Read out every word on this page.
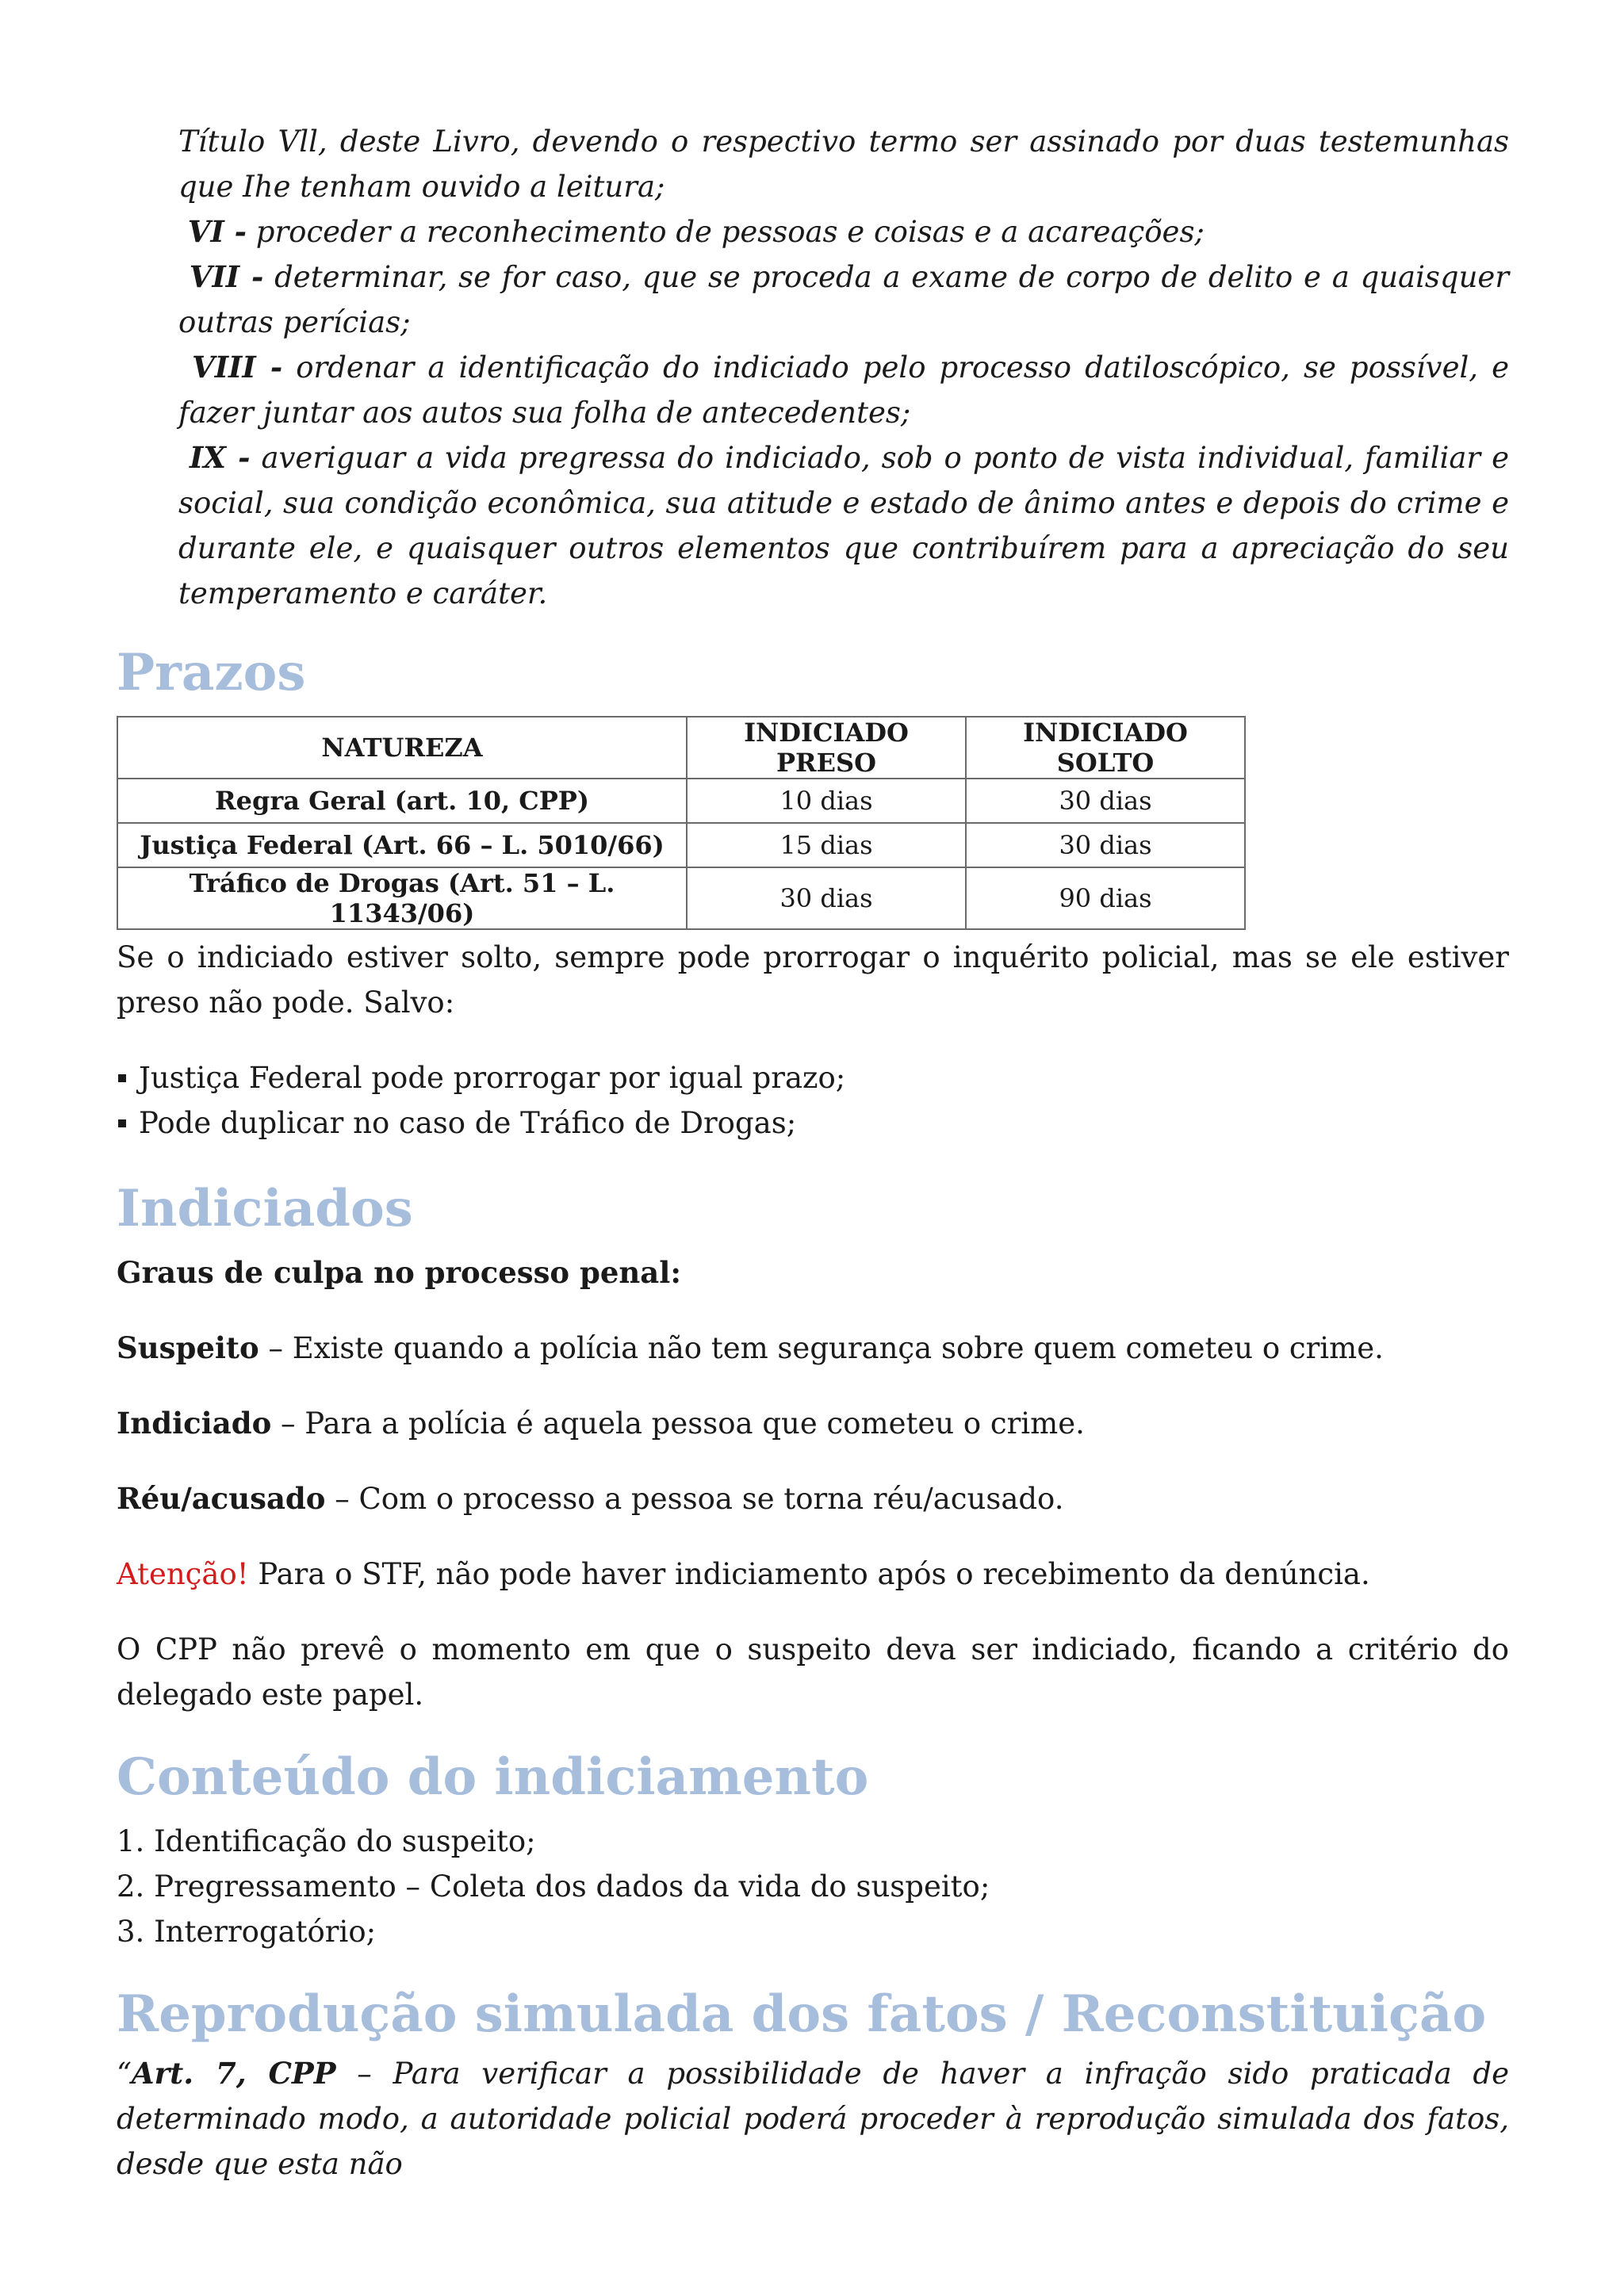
Título Vll, deste Livro, devendo o respectivo termo ser assinado por duas testemunhas que Ihe tenham ouvido a leitura;

VI - proceder a reconhecimento de pessoas e coisas e a acareações;

VII - determinar, se for caso, que se proceda a exame de corpo de delito e a quaisquer outras perícias;

VIII - ordenar a identificação do indiciado pelo processo datiloscópico, se possível, e fazer juntar aos autos sua folha de antecedentes;

IX - averiguar a vida pregressa do indiciado, sob o ponto de vista individual, familiar e social, sua condição econômica, sua atitude e estado de ânimo antes e depois do crime e durante ele, e quaisquer outros elementos que contribuírem para a apreciação do seu temperamento e caráter.

Prazos
NATUREZA	INDICIADO PRESO	INDICIADO SOLTO
Regra Geral (art. 10, CPP)	10 dias	30 dias
Justiça Federal (Art. 66 – L. 5010/66)	15 dias	30 dias
Tráfico de Drogas (Art. 51 – L. 11343/06)	30 dias	90 dias

Se o indiciado estiver solto, sempre pode prorrogar o inquérito policial, mas se ele estiver preso não pode. Salvo:

Justiça Federal pode prorrogar por igual prazo;
Pode duplicar no caso de Tráfico de Drogas;
Indiciados

Graus de culpa no processo penal:

Suspeito – Existe quando a polícia não tem segurança sobre quem cometeu o crime.

Indiciado – Para a polícia é aquela pessoa que cometeu o crime.

Réu/acusado – Com o processo a pessoa se torna réu/acusado.

Atenção! Para o STF, não pode haver indiciamento após o recebimento da denúncia.

O CPP não prevê o momento em que o suspeito deva ser indiciado, ficando a critério do delegado este papel.

Conteúdo do indiciamento
1. Identificação do suspeito;
2. Pregressamento – Coleta dos dados da vida do suspeito;
3. Interrogatório;
Reprodução simulada dos fatos / Reconstituição

“Art. 7, CPP – Para verificar a possibilidade de haver a infração sido praticada de determinado modo, a autoridade policial poderá proceder à reprodução simulada dos fatos, desde que esta não
